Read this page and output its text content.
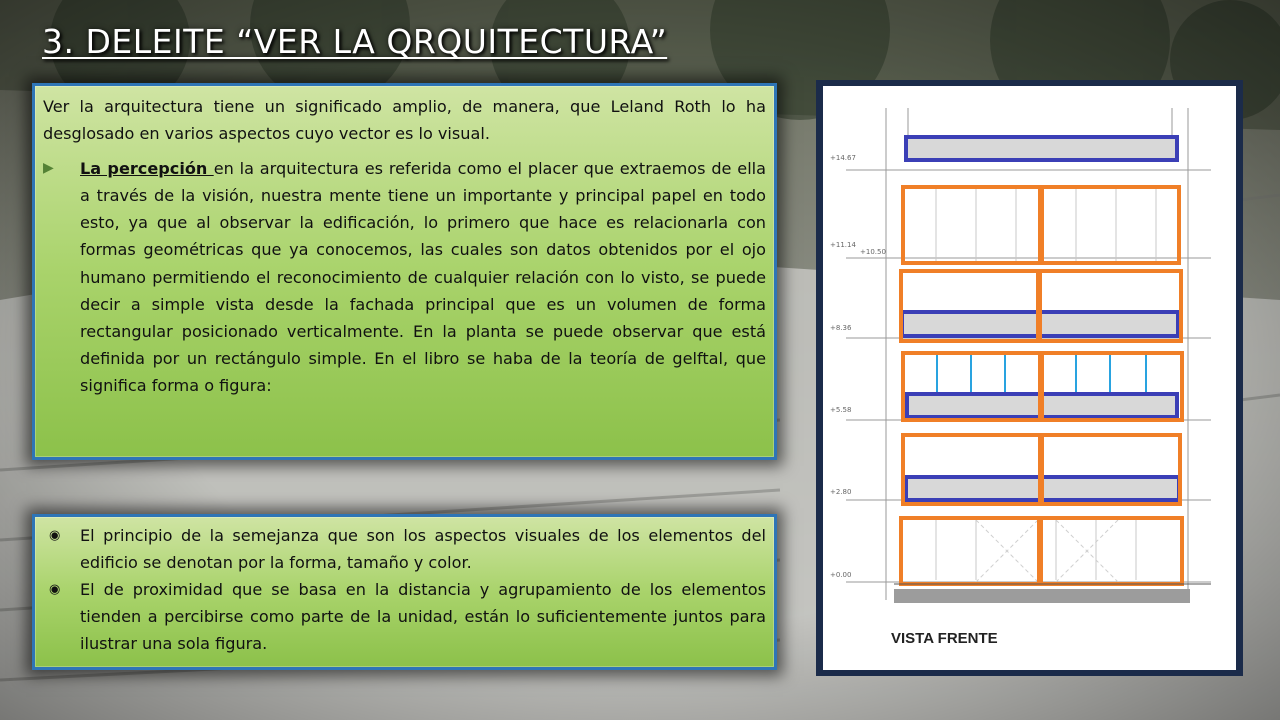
3. DELEITE “VER LA QRQUITECTURA”
Ver la arquitectura tiene un significado amplio, de manera, que Leland Roth lo ha desglosado en varios aspectos cuyo vector es lo visual.
▶	La percepción en la arquitectura es referida como el placer que extraemos de ella a través de la visión, nuestra mente tiene un importante y principal papel en todo esto, ya que al observar la edificación, lo primero que hace es relacionarla con formas geométricas que ya conocemos, las cuales son datos obtenidos por el ojo humano permitiendo el reconocimiento de cualquier relación con lo visto, se puede decir a simple vista desde la fachada principal que es un volumen de forma rectangular posicionado verticalmente. En la planta se puede observar que está definida por un rectángulo simple. En el libro se haba de la teoría de gelftal, que significa forma o figura:
◉	El principio de la semejanza que son los aspectos visuales de los elementos del edificio se denotan por la forma, tamaño y color.
◉	El de proximidad que se basa en la distancia y agrupamiento de los elementos tienden a percibirse como parte de la unidad, están lo suficientemente juntos para ilustrar una sola figura.
+14.67
+11.14
+10.50
+8.36
+5.58
+2.80
+0.00
VISTA FRENTE
